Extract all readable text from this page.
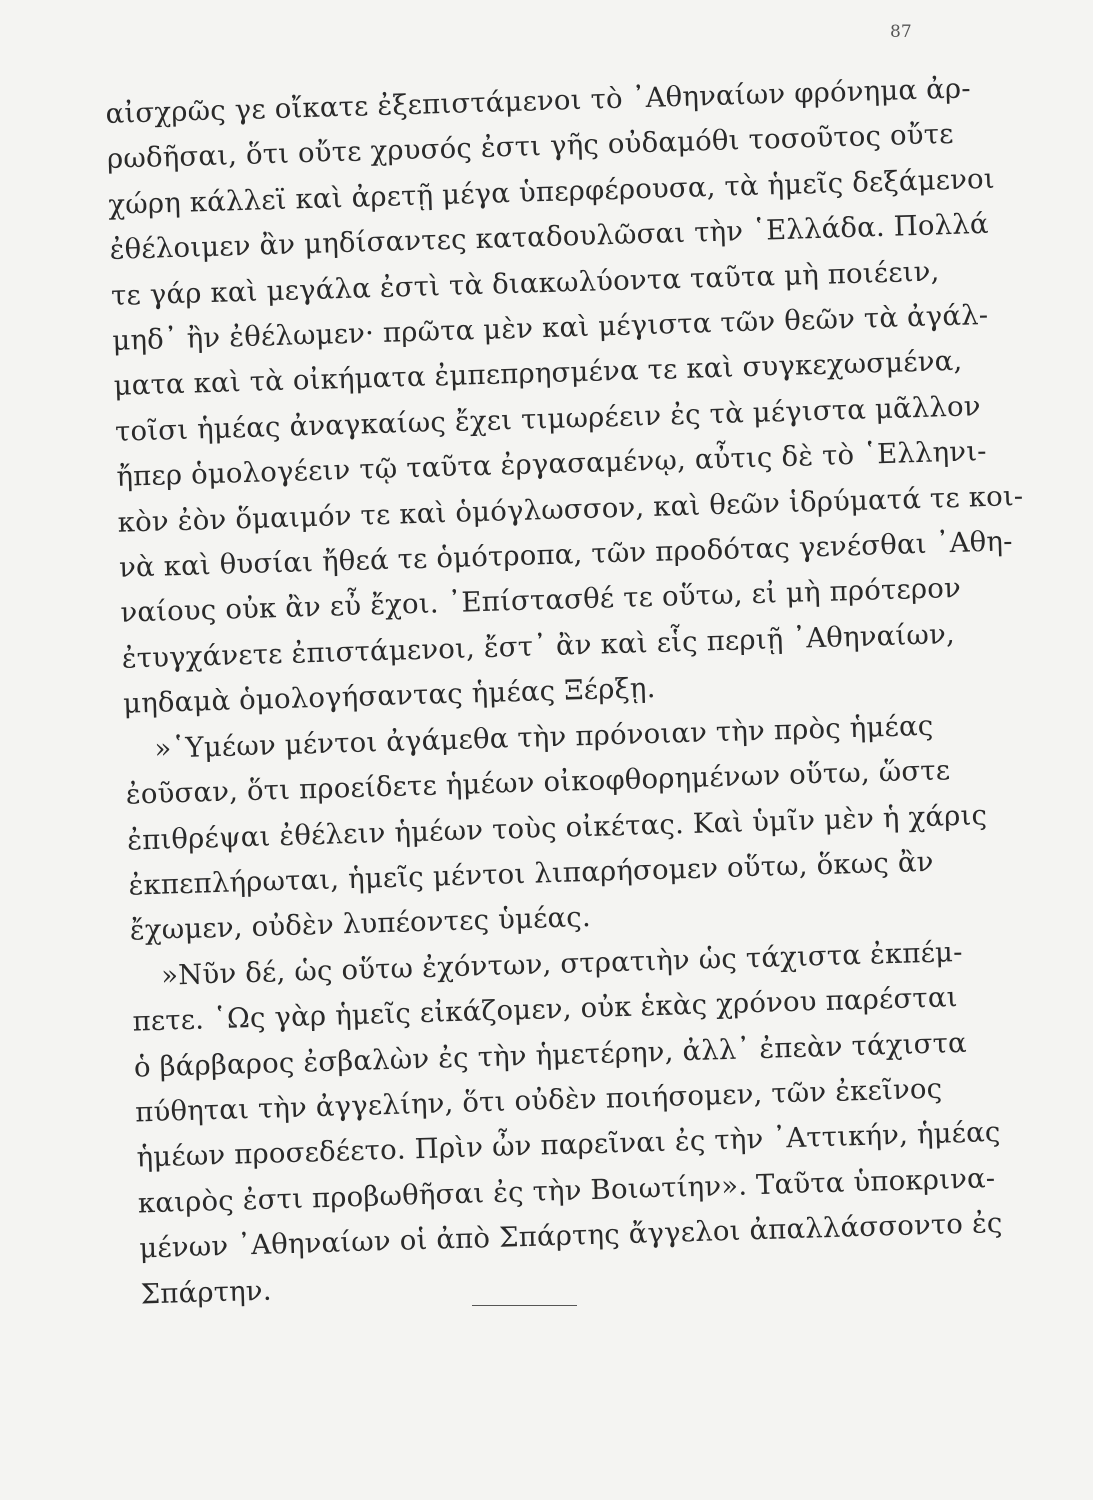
87
αἰσχρῶς γε οἴκατε ἐξεπιστάμενοι τὸ ᾿Αθηναίων φρόνημα ἀρ-
ρωδῆσαι, ὅτι οὔτε χρυσός ἐστι γῆς οὐδαμόθι τοσοῦτος οὔτε
χώρη κάλλεϊ καὶ ἀρετῇ μέγα ὑπερφέρουσα, τὰ ἡμεῖς δεξάμενοι
ἐθέλοιμεν ἂν μηδίσαντες καταδουλῶσαι τὴν ῾Ελλάδα. Πολλά
τε γάρ καὶ μεγάλα ἐστὶ τὰ διακωλύοντα ταῦτα μὴ ποιέειν,
μηδ᾿ ἢν ἐθέλωμεν· πρῶτα μὲν καὶ μέγιστα τῶν θεῶν τὰ ἀγάλ-
ματα καὶ τὰ οἰκήματα ἐμπεπρησμένα τε καὶ συγκεχωσμένα,
τοῖσι ἡμέας ἀναγκαίως ἔχει τιμωρέειν ἐς τὰ μέγιστα μᾶλλον
ἤπερ ὁμολογέειν τῷ ταῦτα ἐργασαμένῳ, αὖτις δὲ τὸ ῾Ελληνι-
κὸν ἐὸν ὅμαιμόν τε καὶ ὁμόγλωσσον, καὶ θεῶν ἱδρύματά τε κοι-
νὰ καὶ θυσίαι ἤθεά τε ὁμότροπα, τῶν προδότας γενέσθαι ᾿Αθη-
ναίους οὐκ ἂν εὖ ἔχοι. ᾿Επίστασθέ τε οὕτω, εἰ μὴ πρότερον
ἐτυγχάνετε ἐπιστάμενοι, ἔστ᾿ ἂν καὶ εἷς περιῇ ᾿Αθηναίων,
μηδαμὰ ὁμολογήσαντας ἡμέας Ξέρξῃ.
»῾Υμέων μέντοι ἀγάμεθα τὴν πρόνοιαν τὴν πρὸς ἡμέας
ἐοῦσαν, ὅτι προείδετε ἡμέων οἰκοφθορημένων οὕτω, ὥστε
ἐπιθρέψαι ἐθέλειν ἡμέων τοὺς οἰκέτας. Καὶ ὑμῖν μὲν ἡ χάρις
ἐκπεπλήρωται, ἡμεῖς μέντοι λιπαρήσομεν οὕτω, ὅκως ἂν
ἔχωμεν, οὐδὲν λυπέοντες ὑμέας.
»Νῦν δέ, ὡς οὕτω ἐχόντων, στρατιὴν ὡς τάχιστα ἐκπέμ-
πετε. ῾Ως γὰρ ἡμεῖς εἰκάζομεν, οὐκ ἑκὰς χρόνου παρέσται
ὁ βάρβαρος ἐσβαλὼν ἐς τὴν ἡμετέρην, ἀλλ᾿ ἐπεὰν τάχιστα
πύθηται τὴν ἀγγελίην, ὅτι οὐδὲν ποιήσομεν, τῶν ἐκεῖνος
ἡμέων προσεδέετο. Πρὶν ὦν παρεῖναι ἐς τὴν ᾿Αττικήν, ἡμέας
καιρὸς ἐστι προβωθῆσαι ἐς τὴν Βοιωτίην». Ταῦτα ὑποκρινα-
μένων ᾿Αθηναίων οἱ ἀπὸ Σπάρτης ἄγγελοι ἀπαλλάσσοντο ἐς
Σπάρτην.
